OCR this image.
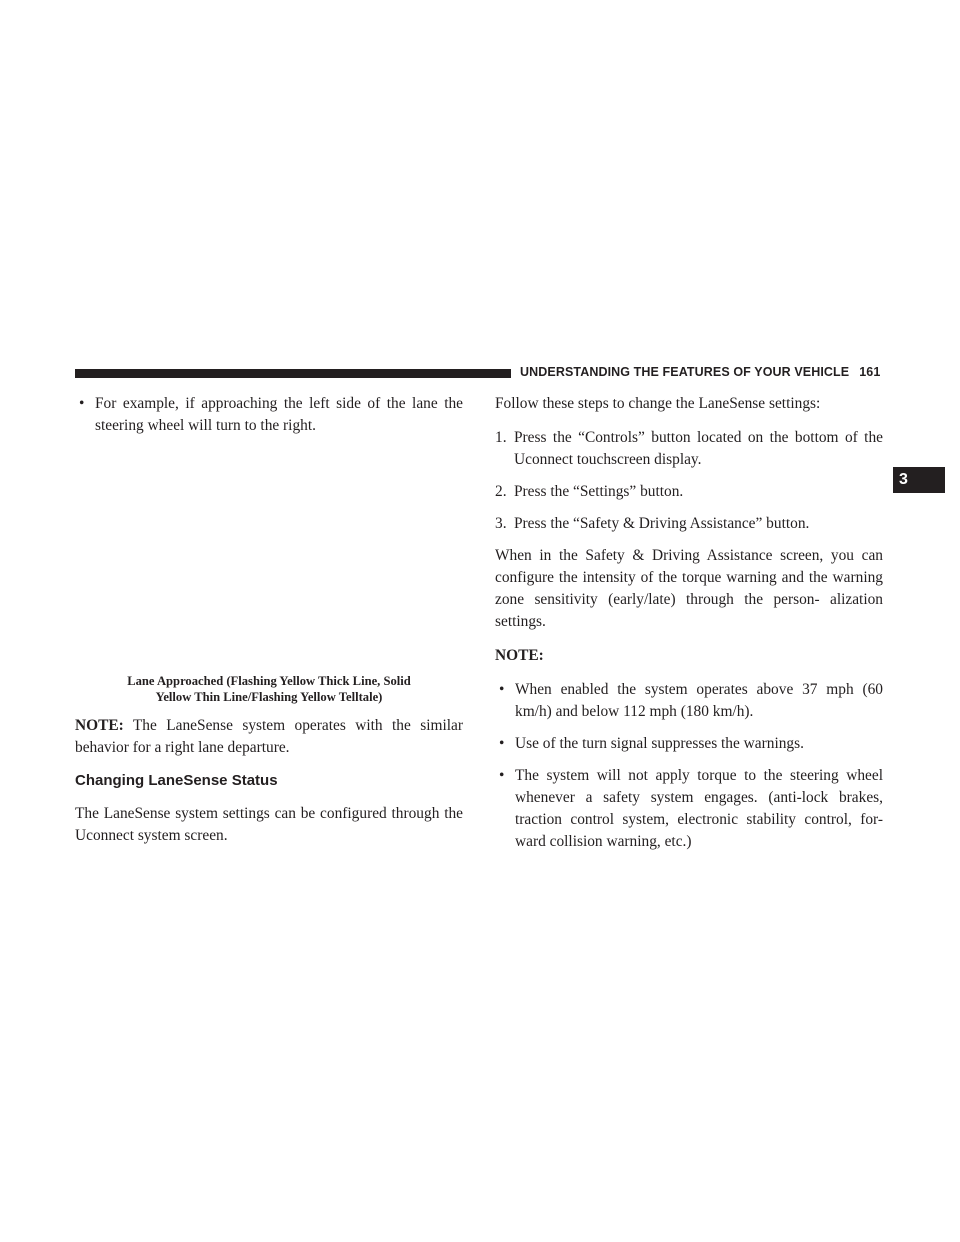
UNDERSTANDING THE FEATURES OF YOUR VEHICLE 161
3
• For example, if approaching the left side of the lane the steering wheel will turn to the right.
Lane Approached (Flashing Yellow Thick Line, Solid
Yellow Thin Line/Flashing Yellow Telltale)

NOTE: The LaneSense system operates with the similar behavior for a right lane departure.

Changing LaneSense Status

The LaneSense system settings can be configured through the Uconnect system screen.

Follow these steps to change the LaneSense settings:

1. Press the “Controls” button located on the bottom of the Uconnect touchscreen display.
2. Press the “Settings” button.
3. Press the “Safety & Driving Assistance” button.

When in the Safety & Driving Assistance screen, you can configure the intensity of the torque warning and the warning zone sensitivity (early/late) through the person- alization settings.

NOTE:

• When enabled the system operates above 37 mph (60 km/h) and below 112 mph (180 km/h).
• Use of the turn signal suppresses the warnings.
• The system will not apply torque to the steering wheel whenever a safety system engages. (anti-lock brakes, traction control system, electronic stability control, for- ward collision warning, etc.)
